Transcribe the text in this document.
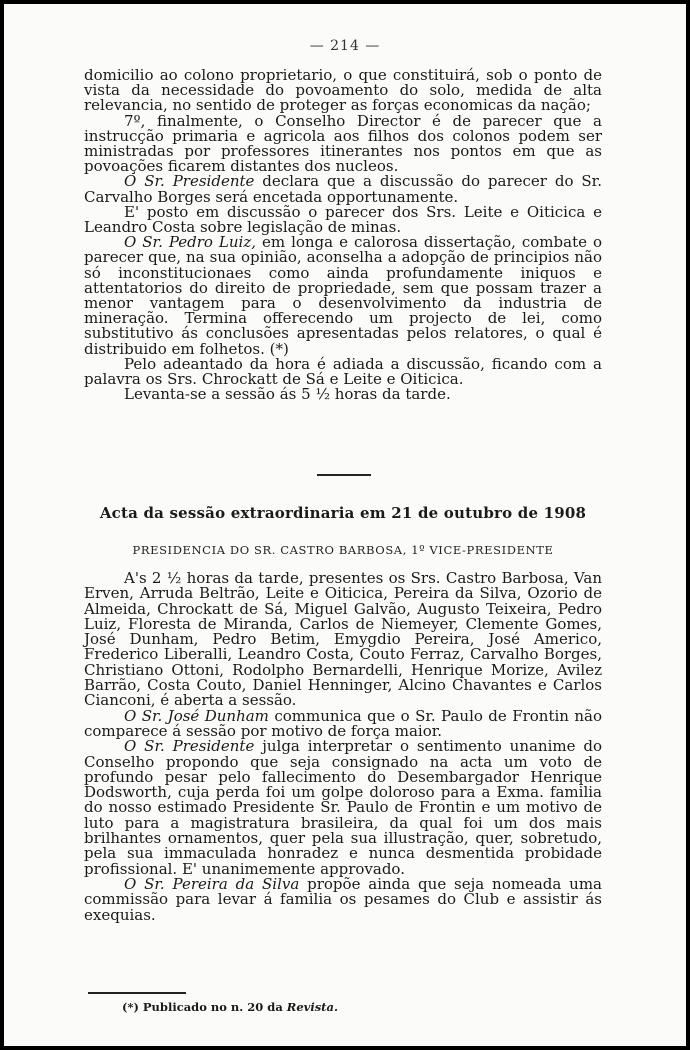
— 214 —

domicilio ao colono proprietario, o que constituirá, sob o ponto de vista da necessidade do povoamento do solo, medida de alta relevancia, no sentido de proteger as forças economicas da nação;

7º, finalmente, o Conselho Director é de parecer que a instrucção primaria e agricola aos filhos dos colonos podem ser ministradas por professores itinerantes nos pontos em que as povoações ficarem distantes dos nucleos.

O Sr. Presidente declara que a discussão do parecer do Sr. Carvalho Borges será encetada opportunamente.

E' posto em discussão o parecer dos Srs. Leite e Oiticica e Leandro Costa sobre legislação de minas.

O Sr. Pedro Luiz, em longa e calorosa dissertação, combate o parecer que, na sua opinião, aconselha a adopção de principios não só inconstitucionaes como ainda profundamente iniquos e attentatorios do direito de propriedade, sem que possam trazer a menor vantagem para o desenvolvimento da industria de mineração. Termina offerecendo um projecto de lei, como substitutivo ás conclusões apresentadas pelos relatores, o qual é distribuido em folhetos. (*)

Pelo adeantado da hora é adiada a discussão, ficando com a palavra os Srs. Chrockatt de Sá e Leite e Oiticica.

Levanta-se a sessão ás 5 ½ horas da tarde.

Acta da sessão extraordinaria em 21 de outubro de 1908
PRESIDENCIA DO SR. CASTRO BARBOSA, 1º VICE-PRESIDENTE

A's 2 ½ horas da tarde, presentes os Srs. Castro Barbosa, Van Erven, Arruda Beltrão, Leite e Oiticica, Pereira da Silva, Ozorio de Almeida, Chrockatt de Sá, Miguel Galvão, Augusto Teixeira, Pedro Luiz, Floresta de Miranda, Carlos de Niemeyer, Clemente Gomes, José Dunham, Pedro Betim, Emygdio Pereira, José Americo, Frederico Liberalli, Leandro Costa, Couto Ferraz, Carvalho Borges, Christiano Ottoni, Rodolpho Bernardelli, Henrique Morize, Avilez Barrão, Costa Couto, Daniel Henninger, Alcino Chavantes e Carlos Cianconi, é aberta a sessão.

O Sr. José Dunham communica que o Sr. Paulo de Frontin não comparece á sessão por motivo de força maior.

O Sr. Presidente julga interpretar o sentimento unanime do Conselho propondo que seja consignado na acta um voto de profundo pesar pelo fallecimento do Desembargador Henrique Dodsworth, cuja perda foi um golpe doloroso para a Exma. familia do nosso estimado Presidente Sr. Paulo de Frontin e um motivo de luto para a magistratura brasileira, da qual foi um dos mais brilhantes ornamentos, quer pela sua illustração, quer, sobretudo, pela sua immaculada honradez e nunca desmentida probidade profissional. E' unanimemente approvado.

O Sr. Pereira da Silva propõe ainda que seja nomeada uma commissão para levar á familia os pesames do Club e assistir ás exequias.

(*) Publicado no n. 20 da Revista.
